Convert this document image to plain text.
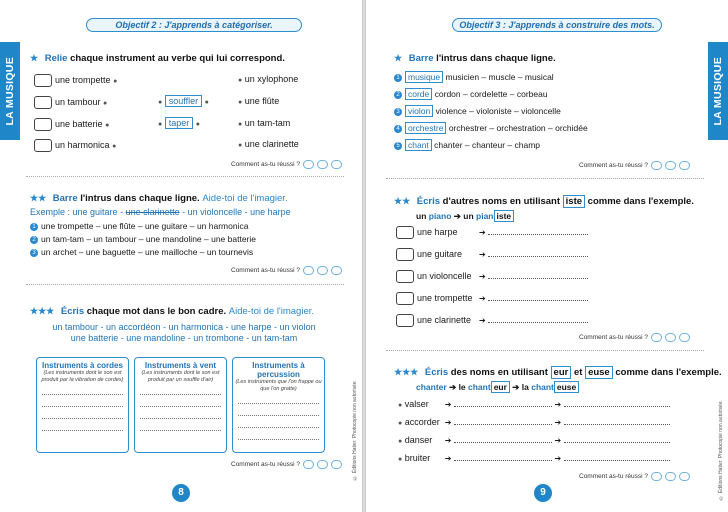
LA MUSIQUE
Objectif 2 : J'apprends à catégoriser.
★ Relie chaque instrument au verbe qui lui correspond.
une trompette ●
un tambour ●
une batterie ●
un harmonica ●
● souffler ●
● taper ●
● un xylophone
● une flûte
● un tam-tam
● une clarinette
Comment as-tu réussi ?
★★ Barre l'intrus dans chaque ligne. Aide-toi de l'imagier.
Exemple : une guitare - une clarinette - un violoncelle - une harpe
1 une trompette – une flûte – une guitare – un harmonica
2 un tam-tam – un tambour – une mandoline – une batterie
3 un archet – une baguette – une mailloche – un tournevis
Comment as-tu réussi ?
★★★ Écris chaque mot dans le bon cadre. Aide-toi de l'imagier.
un tambour - un accordéon - un harmonica - une harpe - un violon
une batterie - une mandoline - un trombone - un tam-tam
Instruments à cordes
(Les instruments dont le son est produit par la vibration de cordes)
Instruments à vent
(Les instruments dont le son est produit par un souffle d'air)
Instruments à percussion
(Les instruments que l'on frappe ou que l'on gratte)
Comment as-tu réussi ?
8
© Éditions Hatier. Photocopie non autorisée.
LA MUSIQUE
Objectif 3 : J'apprends à construire des mots.
★ Barre l'intrus dans chaque ligne.
1 musique musicien – muscle – musical
2 corde cordon – cordelette – corbeau
3 violon violence – violoniste – violoncelle
4 orchestre orchestrer – orchestration – orchidée
5 chant chanter – chanteur – champ
Comment as-tu réussi ?
★★ Écris d'autres noms en utilisant iste comme dans l'exemple.
un piano ➔ un pian iste
une harpe	➔
une guitare ➔
un violoncelle ➔
une trompette ➔
une clarinette ➔
Comment as-tu réussi ?
★★★ Écris des noms en utilisant eur et euse comme dans l'exemple.
chanter ➔ le chant eur ➔ la chant euse
● valser ➔	➔
● accorder ➔	➔
● danser ➔	➔
● bruiter ➔	➔
Comment as-tu réussi ?
9	© Éditions Hatier. Photocopie non autorisée.
